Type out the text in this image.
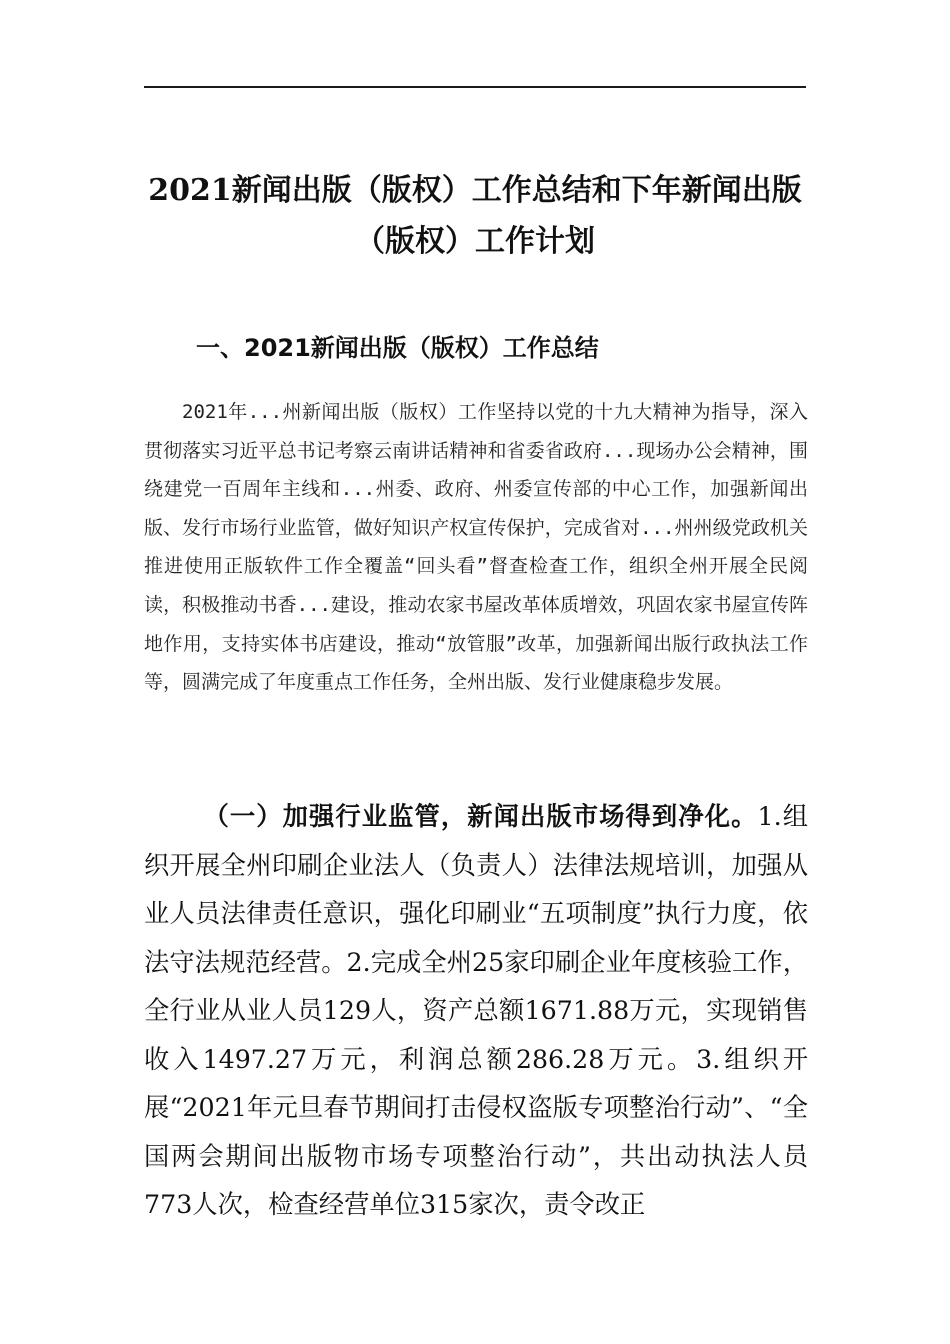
2021新闻出版（版权）工作总结和下年新闻出版（版权）工作计划
一、2021新闻出版（版权）工作总结

2021年...州新闻出版（版权）工作坚持以党的十九大精神为指导，深入贯彻落实习近平总书记考察云南讲话精神和省委省政府...现场办公会精神，围绕建党一百周年主线和...州委、政府、州委宣传部的中心工作，加强新闻出版、发行市场行业监管，做好知识产权宣传保护，完成省对...州州级党政机关推进使用正版软件工作全覆盖“回头看”督查检查工作，组织全州开展全民阅读，积极推动书香...建设，推动农家书屋改革体质增效，巩固农家书屋宣传阵地作用，支持实体书店建设，推动“放管服”改革，加强新闻出版行政执法工作等，圆满完成了年度重点工作任务，全州出版、发行业健康稳步发展。

（一）加强行业监管，新闻出版市场得到净化。1.组织开展全州印刷企业法人（负责人）法律法规培训，加强从业人员法律责任意识，强化印刷业“五项制度”执行力度，依法守法规范经营。2.完成全州25家印刷企业年度核验工作，全行业从业人员129人，资产总额1671.88万元，实现销售收入1497.27万元，利润总额286.28万元。3.组织开展“2021年元旦春节期间打击侵权盗版专项整治行动”、“全国两会期间出版物市场专项整治行动”，共出动执法人员773人次，检查经营单位315家次，责令改正
